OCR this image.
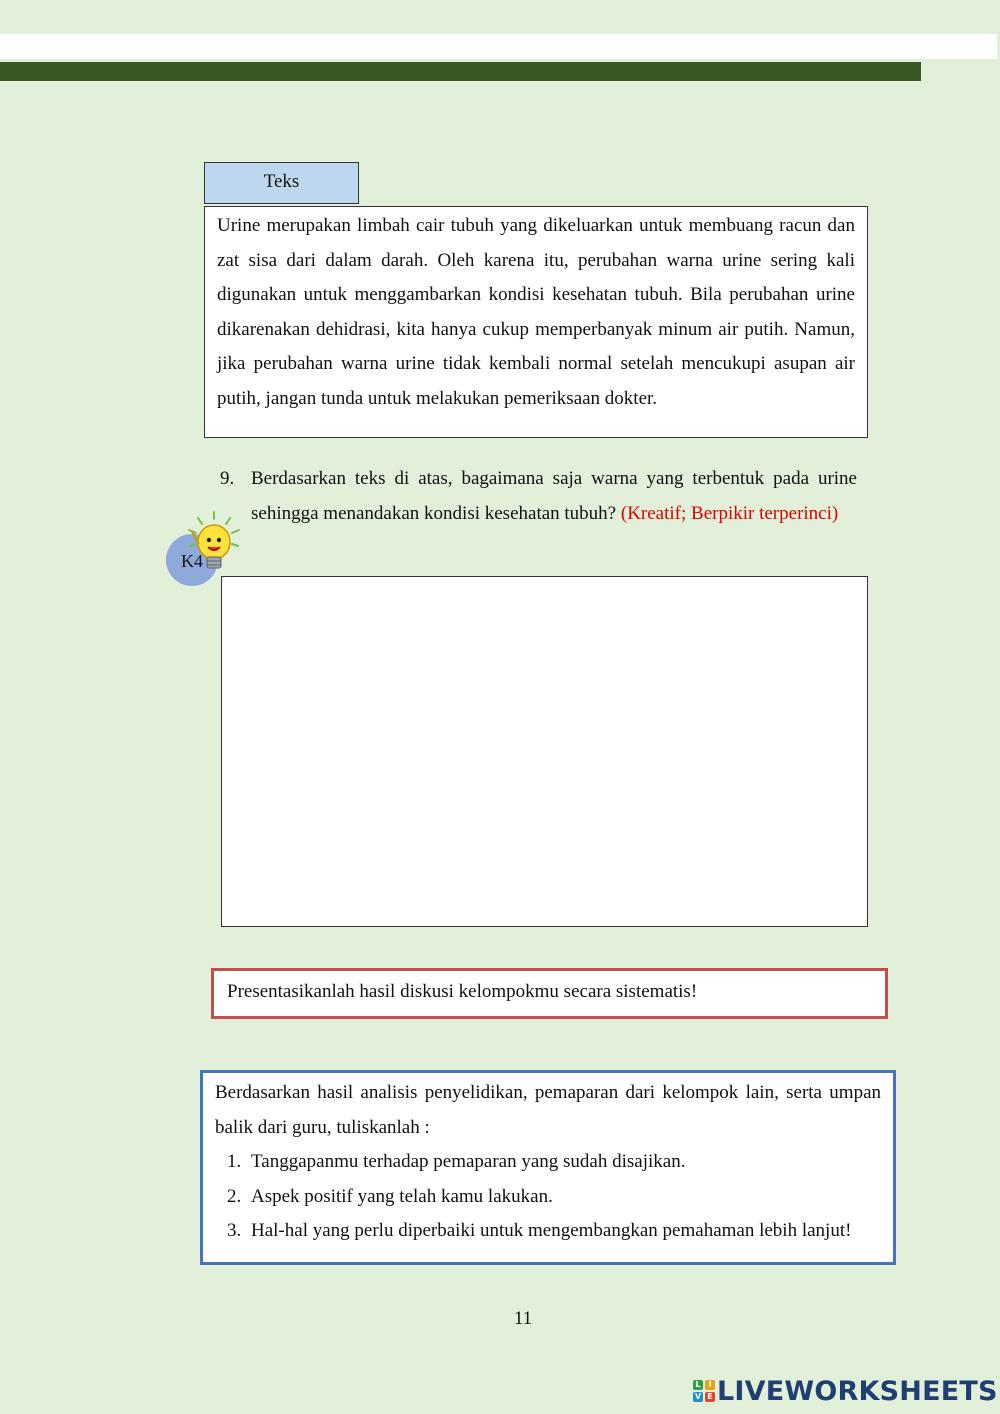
Teks
Urine merupakan limbah cair tubuh yang dikeluarkan untuk membuang racun dan zat sisa dari dalam darah. Oleh karena itu, perubahan warna urine sering kali digunakan untuk menggambarkan kondisi kesehatan tubuh. Bila perubahan urine dikarenakan dehidrasi, kita hanya cukup memperbanyak minum air putih. Namun, jika perubahan warna urine tidak kembali normal setelah mencukupi asupan air putih, jangan tunda untuk melakukan pemeriksaan dokter.
9. Berdasarkan teks di atas, bagaimana saja warna yang terbentuk pada urine sehingga menandakan kondisi kesehatan tubuh? (Kreatif; Berpikir terperinci)
K4
Presentasikanlah hasil diskusi kelompokmu secara sistematis!
Berdasarkan hasil analisis penyelidikan, pemaparan dari kelompok lain, serta umpan balik dari guru, tuliskanlah :
1. Tanggapanmu terhadap pemaparan yang sudah disajikan.
2. Aspek positif yang telah kamu lakukan.
3. Hal-hal yang perlu diperbaiki untuk mengembangkan pemahaman lebih lanjut!
11
L I
V E LIVEWORKSHEETS
